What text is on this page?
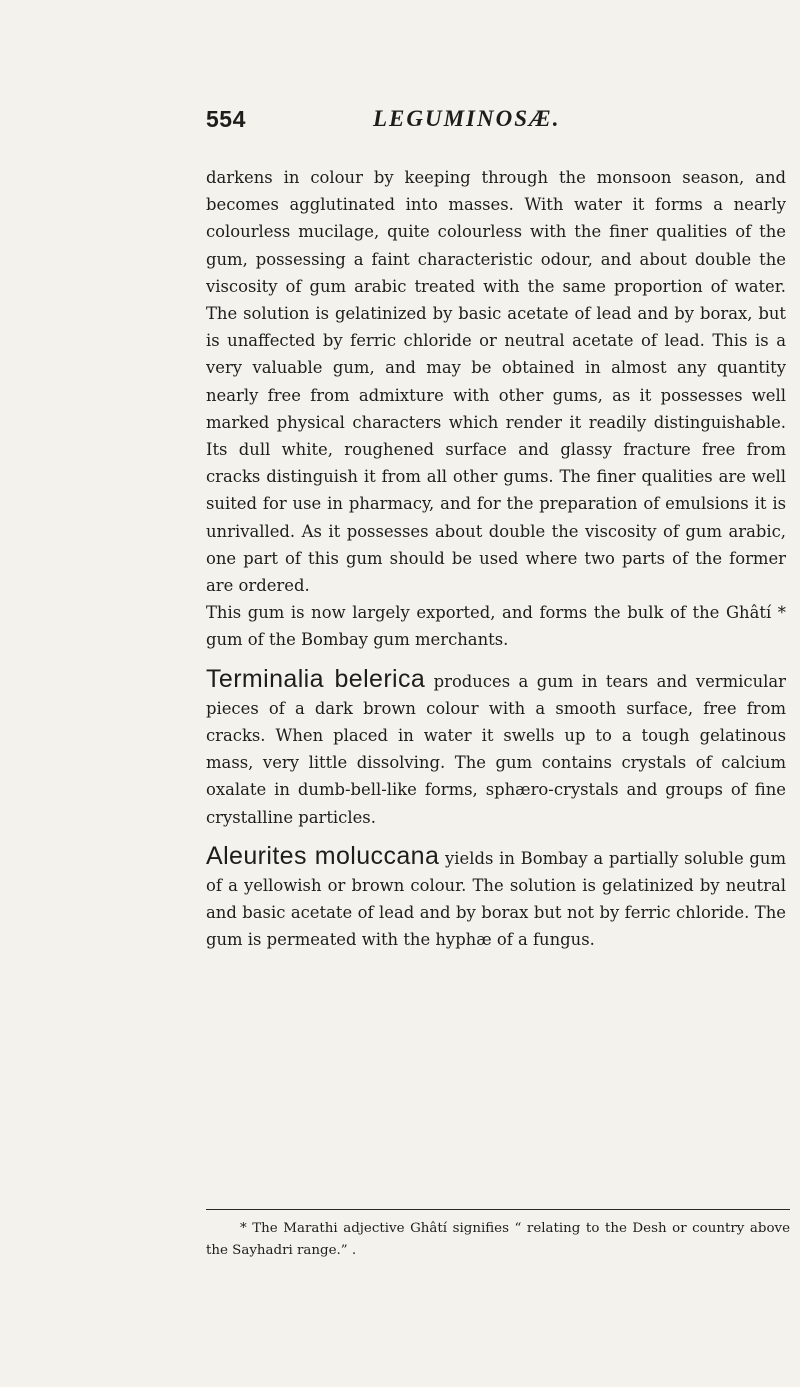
554	LEGUMINOSÆ.

darkens in colour by keeping through the monsoon season, and becomes agglutinated into masses. With water it forms a nearly colourless mucilage, quite colourless with the finer qualities of the gum, possessing a faint characteristic odour, and about double the viscosity of gum arabic treated with the same proportion of water. The solution is gelatinized by basic acetate of lead and by borax, but is unaffected by ferric chloride or neutral acetate of lead. This is a very valuable gum, and may be obtained in almost any quantity nearly free from admixture with other gums, as it possesses well marked physical characters which render it readily distinguishable. Its dull white, roughened surface and glassy fracture free from cracks distinguish it from all other gums. The finer qualities are well suited for use in pharmacy, and for the preparation of emulsions it is unrivalled. As it possesses about double the viscosity of gum arabic, one part of this gum should be used where two parts of the former are ordered.

This gum is now largely exported, and forms the bulk of the Ghâtí * gum of the Bombay gum merchants.

Terminalia belerica produces a gum in tears and vermicular pieces of a dark brown colour with a smooth surface, free from cracks. When placed in water it swells up to a tough gelatinous mass, very little dissolving. The gum contains crystals of calcium oxalate in dumb-bell-like forms, sphæro-crystals and groups of fine crystalline particles.

Aleurites moluccana yields in Bombay a partially soluble gum of a yellowish or brown colour. The solution is gelatinized by neutral and basic acetate of lead and by borax but not by ferric chloride. The gum is permeated with the hyphæ of a fungus.

* The Marathi adjective Ghâtí signifies “ relating to the Desh or country above the Sayhadri range.” .
